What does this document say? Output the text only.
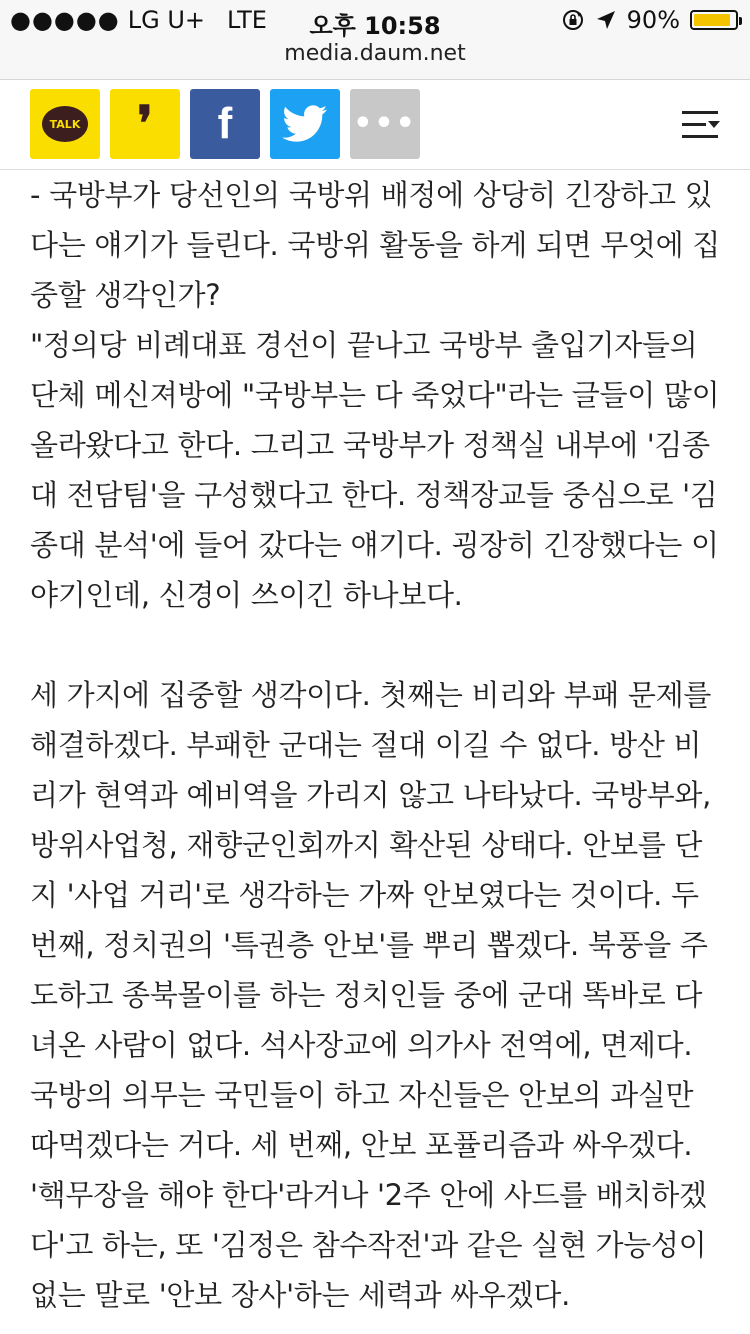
●●●●● LG U+ LTE	오후 10:58	90%
media.daum.net
TALK ❜ f	•••

- 국방부가 당선인의 국방위 배정에 상당히 긴장하고 있다는 얘기가 들린다. 국방위 활동을 하게 되면 무엇에 집중할 생각인가?

"정의당 비례대표 경선이 끝나고 국방부 출입기자들의 단체 메신져방에 "국방부는 다 죽었다"라는 글들이 많이 올라왔다고 한다. 그리고 국방부가 정책실 내부에 '김종대 전담팀'을 구성했다고 한다. 정책장교들 중심으로 '김종대 분석'에 들어 갔다는 얘기다. 굉장히 긴장했다는 이야기인데, 신경이 쓰이긴 하나보다.

세 가지에 집중할 생각이다. 첫째는 비리와 부패 문제를 해결하겠다. 부패한 군대는 절대 이길 수 없다. 방산 비리가 현역과 예비역을 가리지 않고 나타났다. 국방부와, 방위사업청, 재향군인회까지 확산된 상태다. 안보를 단지 '사업 거리'로 생각하는 가짜 안보였다는 것이다. 두 번째, 정치권의 '특권층 안보'를 뿌리 뽑겠다. 북풍을 주도하고 종북몰이를 하는 정치인들 중에 군대 똑바로 다녀온 사람이 없다. 석사장교에 의가사 전역에, 면제다. 국방의 의무는 국민들이 하고 자신들은 안보의 과실만 따먹겠다는 거다. 세 번째, 안보 포퓰리즘과 싸우겠다. '핵무장을 해야 한다'라거나 '2주 안에 사드를 배치하겠다'고 하는, 또 '김정은 참수작전'과 같은 실현 가능성이 없는 말로 '안보 장사'하는 세력과 싸우겠다.
